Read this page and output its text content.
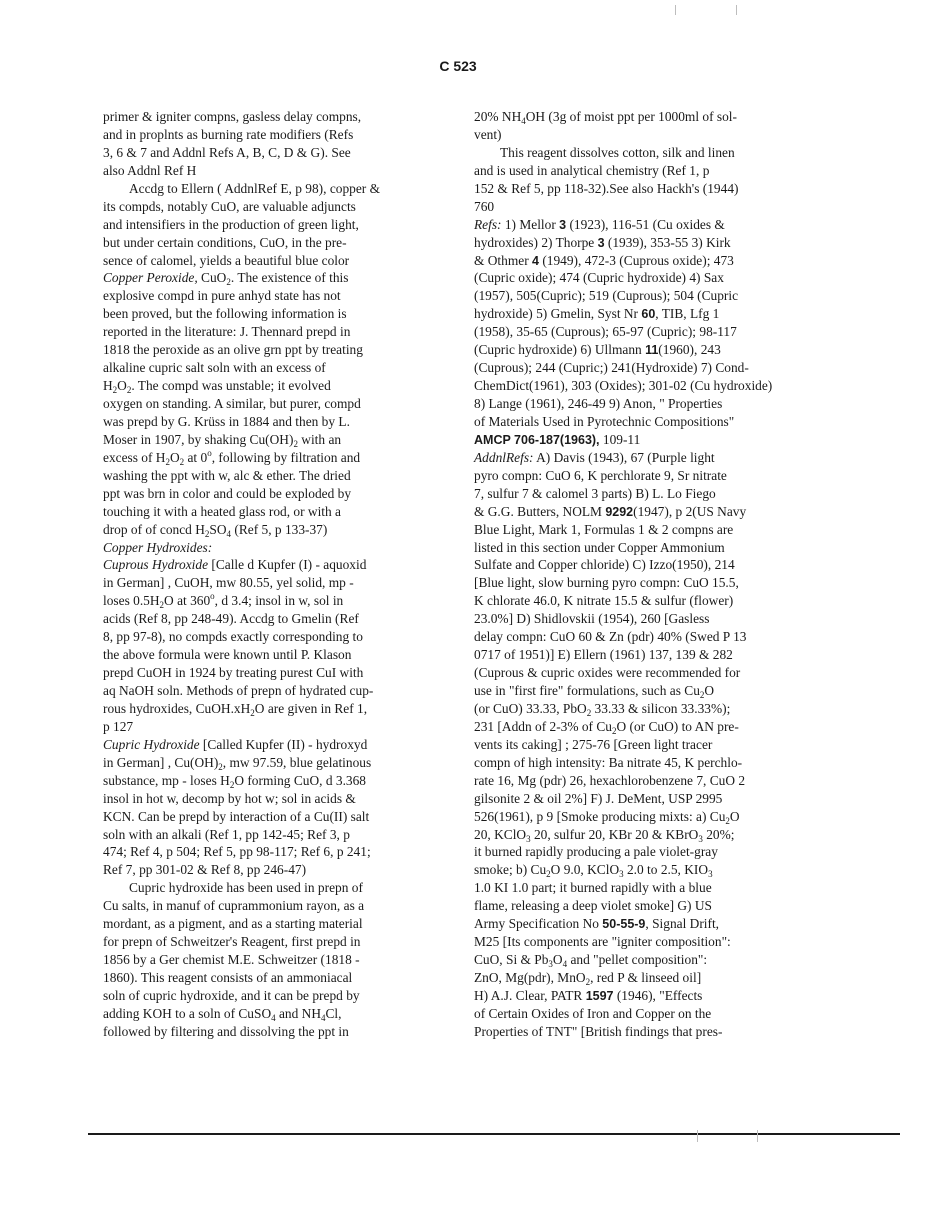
C 523
primer & igniter compns, gasless delay compns,
and in proplnts as burning rate modifiers (Refs
3, 6 & 7 and Addnl Refs A, B, C, D & G). See
also Addnl Ref H
Accdg to Ellern ( AddnlRef E, p 98), copper &
its compds, notably CuO, are valuable adjuncts
and intensifiers in the production of green light,
but under certain conditions, CuO, in the pre-
sence of calomel, yields a beautiful blue color
Copper Peroxide, CuO$_2$. The existence of this
explosive compd in pure anhyd state has not
been proved, but the following information is
reported in the literature: J. Thennard prepd in
1818 the peroxide as an olive grn ppt by treating
alkaline cupric salt soln with an excess of
$H_2O_2$. The compd was unstable; it evolved
oxygen on standing. A similar, but purer, compd
was prepd by G. Krüss in 1884 and then by L.
Moser in 1907, by shaking $Cu(OH)_2$ with an
excess of $H_2O_2$ at 0$^o$, following by filtration and
washing the ppt with w, alc & ether. The dried
ppt was brn in color and could be exploded by
touching it with a heated glass rod, or with a
drop of of concd $H_2SO_4$ (Ref 5, p 133-37)
Copper Hydroxides:
Cuprous Hydroxide [Calle d Kupfer (I) - aquoxid
in German] , CuOH, mw 80.55, yel solid, mp -
loses $0.5H_2O$ at 360$^o$, d 3.4; insol in w, sol in
acids (Ref 8, pp 248-49). Accdg to Gmelin (Ref
8, pp 97-8), no compds exactly corresponding to
the above formula were known until P. Klason
prepd CuOH in 1924 by treating purest CuI with
aq NaOH soln. Methods of prepn of hydrated cup-
rous hydroxides, $CuOH.xH_2O$ are given in Ref 1,
p 127
Cupric Hydroxide [Called Kupfer (II) - hydroxyd
in German] , $Cu(OH)_2$, mw 97.59, blue gelatinous
substance, mp - loses $H_2O$ forming CuO, d 3.368
insol in hot w, decomp by hot w; sol in acids &
KCN. Can be prepd by interaction of a Cu(II) salt
soln with an alkali (Ref 1, pp 142-45; Ref 3, p
474; Ref 4, p 504; Ref 5, pp 98-117; Ref 6, p 241;
Ref 7, pp 301-02 & Ref 8, pp 246-47)
Cupric hydroxide has been used in prepn of
Cu salts, in manuf of cuprammonium rayon, as a
mordant, as a pigment, and as a starting material
for prepn of Schweitzer's Reagent, first prepd in
1856 by a Ger chemist M.E. Schweitzer (1818 -
1860). This reagent consists of an ammoniacal
soln of cupric hydroxide, and it can be prepd by
adding KOH to a soln of CuSO$_4$ and $NH_4Cl$,
followed by filtering and dissolving the ppt in
20% $NH_4OH$ (3g of moist ppt per 1000ml of sol-
vent)
This reagent dissolves cotton, silk and linen
and is used in analytical chemistry (Ref 1, p
152 & Ref 5, pp 118-32).See also Hackh's (1944)
760
Refs: 1) Mellor 3 (1923), 116-51 (Cu oxides &
hydroxides) 2) Thorpe 3 (1939), 353-55 3) Kirk
& Othmer 4 (1949), 472-3 (Cuprous oxide); 473
(Cupric oxide); 474 (Cupric hydroxide) 4) Sax
(1957), 505(Cupric); 519 (Cuprous); 504 (Cupric
hydroxide) 5) Gmelin, Syst Nr 60, TIB, Lfg 1
(1958), 35-65 (Cuprous); 65-97 (Cupric); 98-117
(Cupric hydroxide) 6) Ullmann 11(1960), 243
(Cuprous); 244 (Cupric;) 241(Hydroxide) 7) Cond-
ChemDict(1961), 303 (Oxides); 301-02 (Cu hydroxide)
8) Lange (1961), 246-49 9) Anon, " Properties
of Materials Used in Pyrotechnic Compositions"
AMCP 706-187(1963), 109-11
AddnlRefs: A) Davis (1943), 67 (Purple light
pyro compn: CuO 6, K perchlorate 9, Sr nitrate
7, sulfur 7 & calomel 3 parts) B) L. Lo Fiego
& G.G. Butters, NOLM 9292(1947), p 2(US Navy
Blue Light, Mark 1, Formulas 1 & 2 compns are
listed in this section under Copper Ammonium
Sulfate and Copper chloride) C) Izzo(1950), 214
[Blue light, slow burning pyro compn: CuO 15.5,
K chlorate 46.0, K nitrate 15.5 & sulfur (flower)
23.0%] D) Shidlovskii (1954), 260 [Gasless
delay compn: CuO 60 & Zn (pdr) 40% (Swed P 13
0717 of 1951)] E) Ellern (1961) 137, 139 & 282
(Cuprous & cupric oxides were recommended for
use in "first fire" formulations, such as $Cu_2O$
(or CuO) 33.33, PbO$_2$ 33.33 & silicon 33.33%);
231 [Addn of 2-3% of $Cu_2O$ (or CuO) to AN pre-
vents its caking] ; 275-76 [Green light tracer
compn of high intensity: Ba nitrate 45, K perchlo-
rate 16, Mg (pdr) 26, hexachlorobenzene 7, CuO 2
gilsonite 2 & oil 2%] F) J. DeMent, USP 2995
526(1961), p 9 [Smoke producing mixts: a) $Cu_2O$
20, KClO$_3$ 20, sulfur 20, KBr 20 & KBrO$_3$ 20%;
it burned rapidly producing a pale violet-gray
smoke; b) $Cu_2O$ 9.0, KClO$_3$ 2.0 to 2.5, $KIO_3$
1.0 KI 1.0 part; it burned rapidly with a blue
flame, releasing a deep violet smoke] G) US
Army Specification No 50-55-9, Signal Drift,
M25 [Its components are "igniter composition":
CuO, Si & $Pb_3O_4$ and "pellet composition":
ZnO, Mg(pdr), MnO$_2$, red P & linseed oil]
H) A.J. Clear, PATR 1597 (1946), "Effects
of Certain Oxides of Iron and Copper on the
Properties of TNT" [British findings that pres-
